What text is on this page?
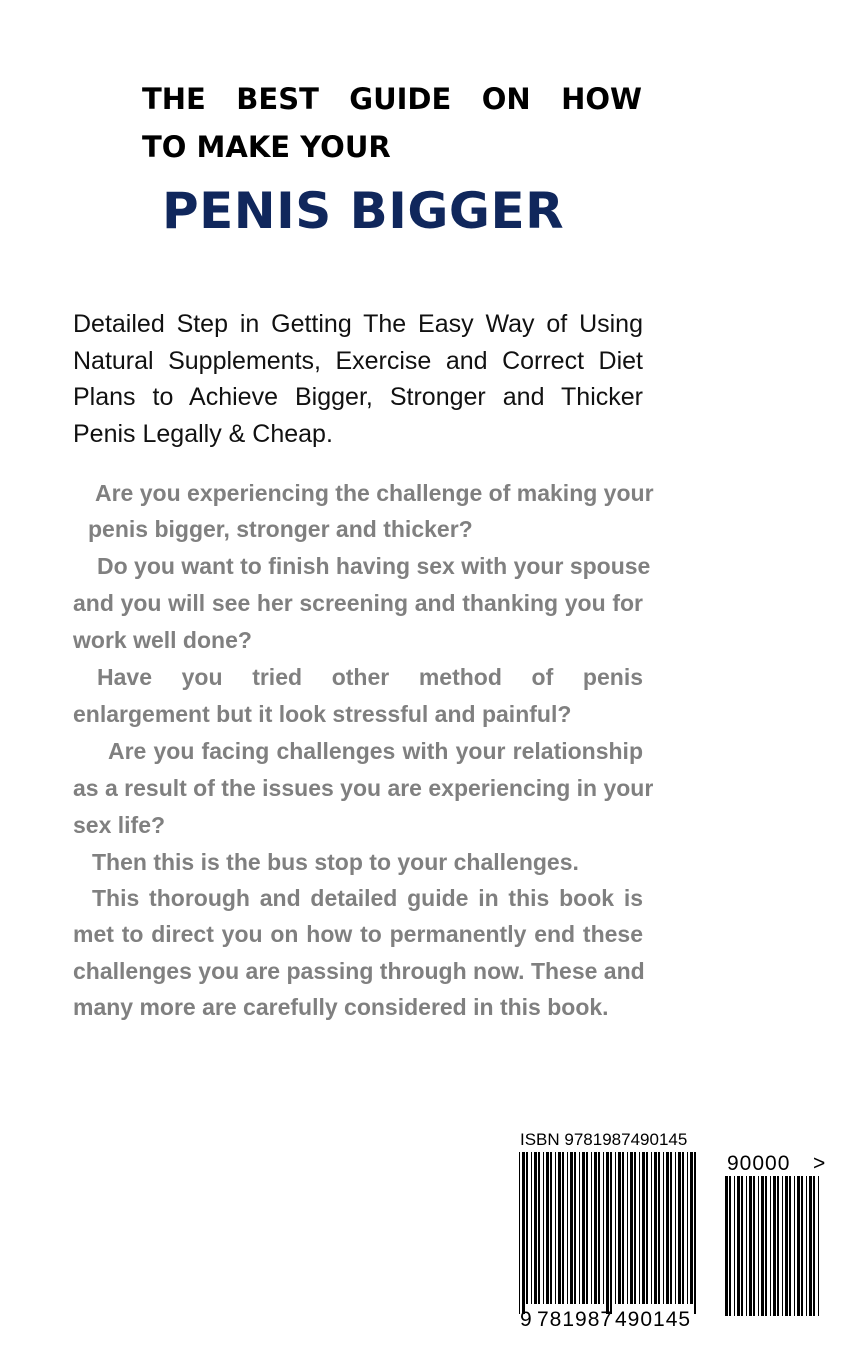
THE BEST GUIDE ON HOW
TO MAKE YOUR
PENIS BIGGER
Detailed Step in Getting The Easy Way of Using
Natural Supplements, Exercise and Correct Diet
Plans to Achieve Bigger, Stronger and Thicker
Penis Legally & Cheap.

Are you experiencing the challenge of making your

penis bigger, stronger and thicker?

Do you want to finish having sex with your spouse

and you will see her screening and thanking you for

work well done?

Have you tried other method of penis

enlargement but it look stressful and painful?

Are you facing challenges with your relationship

as a result of the issues you are experiencing in your

sex life?

Then this is the bus stop to your challenges.

This thorough and detailed guide in this book is

met to direct you on how to permanently end these

challenges you are passing through now. These and

many more are carefully considered in this book.

ISBN 9781987490145
9 781987 490145
90000 >
